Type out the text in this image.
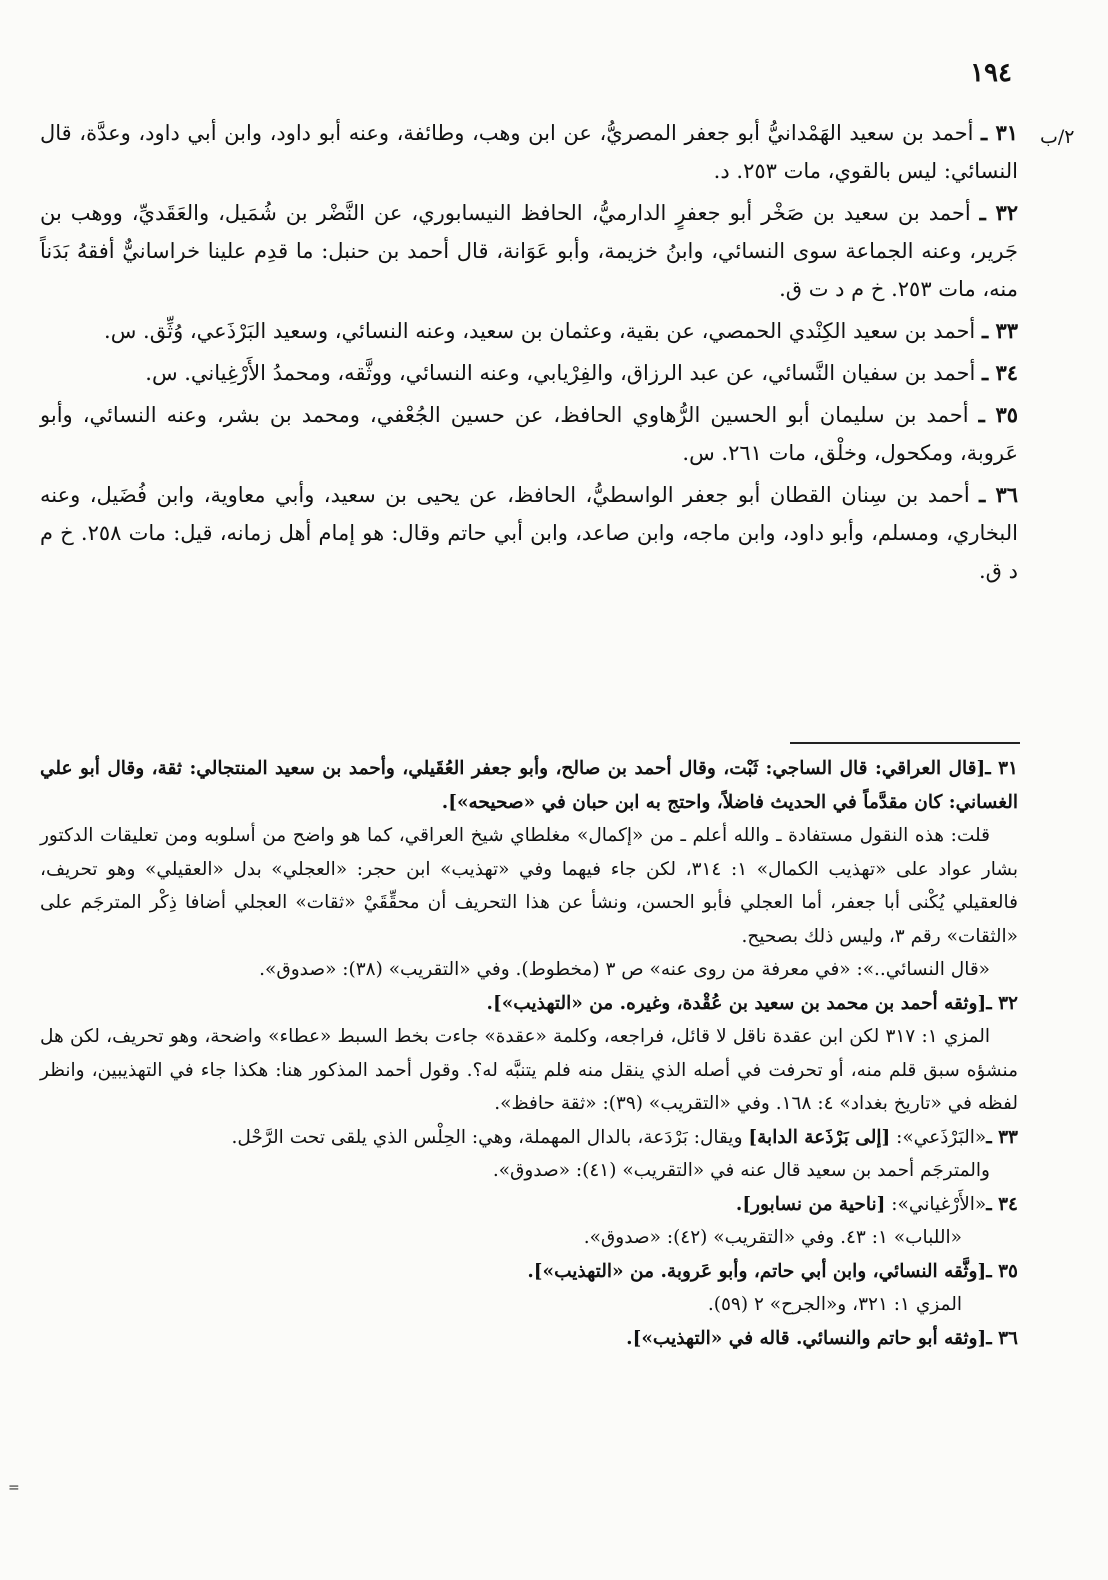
١٩٤
٢/ب

٣١ ـ أحمد بن سعيد الهَمْدانيُّ أبو جعفر المصريُّ، عن ابن وهب، وطائفة، وعنه أبو داود، وابن أبي داود، وعدَّة، قال النسائي: ليس بالقوي، مات ٢٥٣. د.

٣٢ ـ أحمد بن سعيد بن صَخْر أبو جعفرٍ الدارميُّ، الحافظ النيسابوري، عن النَّضْر بن شُمَيل، والعَقَديِّ، ووهب بن جَرير، وعنه الجماعة سوى النسائي، وابنُ خزيمة، وأبو عَوَانة، قال أحمد بن حنبل: ما قدِم علينا خراسانيٌّ أفقهُ بَدَناً منه، مات ٢٥٣. خ م د ت ق.

٣٣ ـ أحمد بن سعيد الكِنْدي الحمصي، عن بقية، وعثمان بن سعيد، وعنه النسائي، وسعيد البَرْذَعي، وُثِّق. س.

٣٤ ـ أحمد بن سفيان النَّسائي، عن عبد الرزاق، والفِرْيابي، وعنه النسائي، ووثَّقه، ومحمدُ الأَرْغِياني. س.

٣٥ ـ أحمد بن سليمان أبو الحسين الرُّهاوي الحافظ، عن حسين الجُعْفي، ومحمد بن بشر، وعنه النسائي، وأبو عَروبة، ومكحول، وخلْق، مات ٢٦١. س.

٣٦ ـ أحمد بن سِنان القطان أبو جعفر الواسطيُّ، الحافظ، عن يحيى بن سعيد، وأبي معاوية، وابن فُضَيل، وعنه البخاري، ومسلم، وأبو داود، وابن ماجه، وابن صاعد، وابن أبي حاتم وقال: هو إمام أهل زمانه، قيل: مات ٢٥٨. خ م د ق.

٣١ ـ[قال العراقي: قال الساجي: ثَبْت، وقال أحمد بن صالح، وأبو جعفر العُقَيلي، وأحمد بن سعيد المنتجالي: ثقة، وقال أبو علي الغساني: كان مقدَّماً في الحديث فاضلاً، واحتج به ابن حبان في «صحيحه»].

قلت: هذه النقول مستفادة ـ والله أعلم ـ من «إكمال» مغلطاي شيخ العراقي، كما هو واضح من أسلوبه ومن تعليقات الدكتور بشار عواد على «تهذيب الكمال» ١: ٣١٤، لكن جاء فيهما وفي «تهذيب» ابن حجر: «العجلي» بدل «العقيلي» وهو تحريف، فالعقيلي يُكْنى أبا جعفر، أما العجلي فأبو الحسن، ونشأ عن هذا التحريف أن محقِّقَيْ «ثقات» العجلي أضافا ذِكْر المترجَم على «الثقات» رقم ٣، وليس ذلك بصحيح.

«قال النسائي..»: «في معرفة من روى عنه» ص ٣ (مخطوط). وفي «التقريب» (٣٨): «صدوق».

٣٢ ـ[وثقه أحمد بن محمد بن سعيد بن عُقْدة، وغيره. من «التهذيب»].

المزي ١: ٣١٧ لكن ابن عقدة ناقل لا قائل، فراجعه، وكلمة «عقدة» جاءت بخط السبط «عطاء» واضحة، وهو تحريف، لكن هل منشؤه سبق قلم منه، أو تحرفت في أصله الذي ينقل منه فلم يتنبَّه له؟. وقول أحمد المذكور هنا: هكذا جاء في التهذيبين، وانظر لفظه في «تاريخ بغداد» ٤: ١٦٨. وفي «التقريب» (٣٩): «ثقة حافظ».

٣٣ ـ«البَرْذَعي»: [إلى بَرْذَعة الدابة] ويقال: بَرْدَعة، بالدال المهملة، وهي: الحِلْس الذي يلقى تحت الرَّحْل.

والمترجَم أحمد بن سعيد قال عنه في «التقريب» (٤١): «صدوق».

٣٤ ـ«الأَرْغياني»: [ناحية من نسابور].

«اللباب» ١: ٤٣. وفي «التقريب» (٤٢): «صدوق».

٣٥ ـ[وثَّقه النسائي، وابن أبي حاتم، وأبو عَروبة. من «التهذيب»].

المزي ١: ٣٢١، و«الجرح» ٢ (٥٩).

٣٦ ـ[وثقه أبو حاتم والنسائي. قاله في «التهذيب»].

=
